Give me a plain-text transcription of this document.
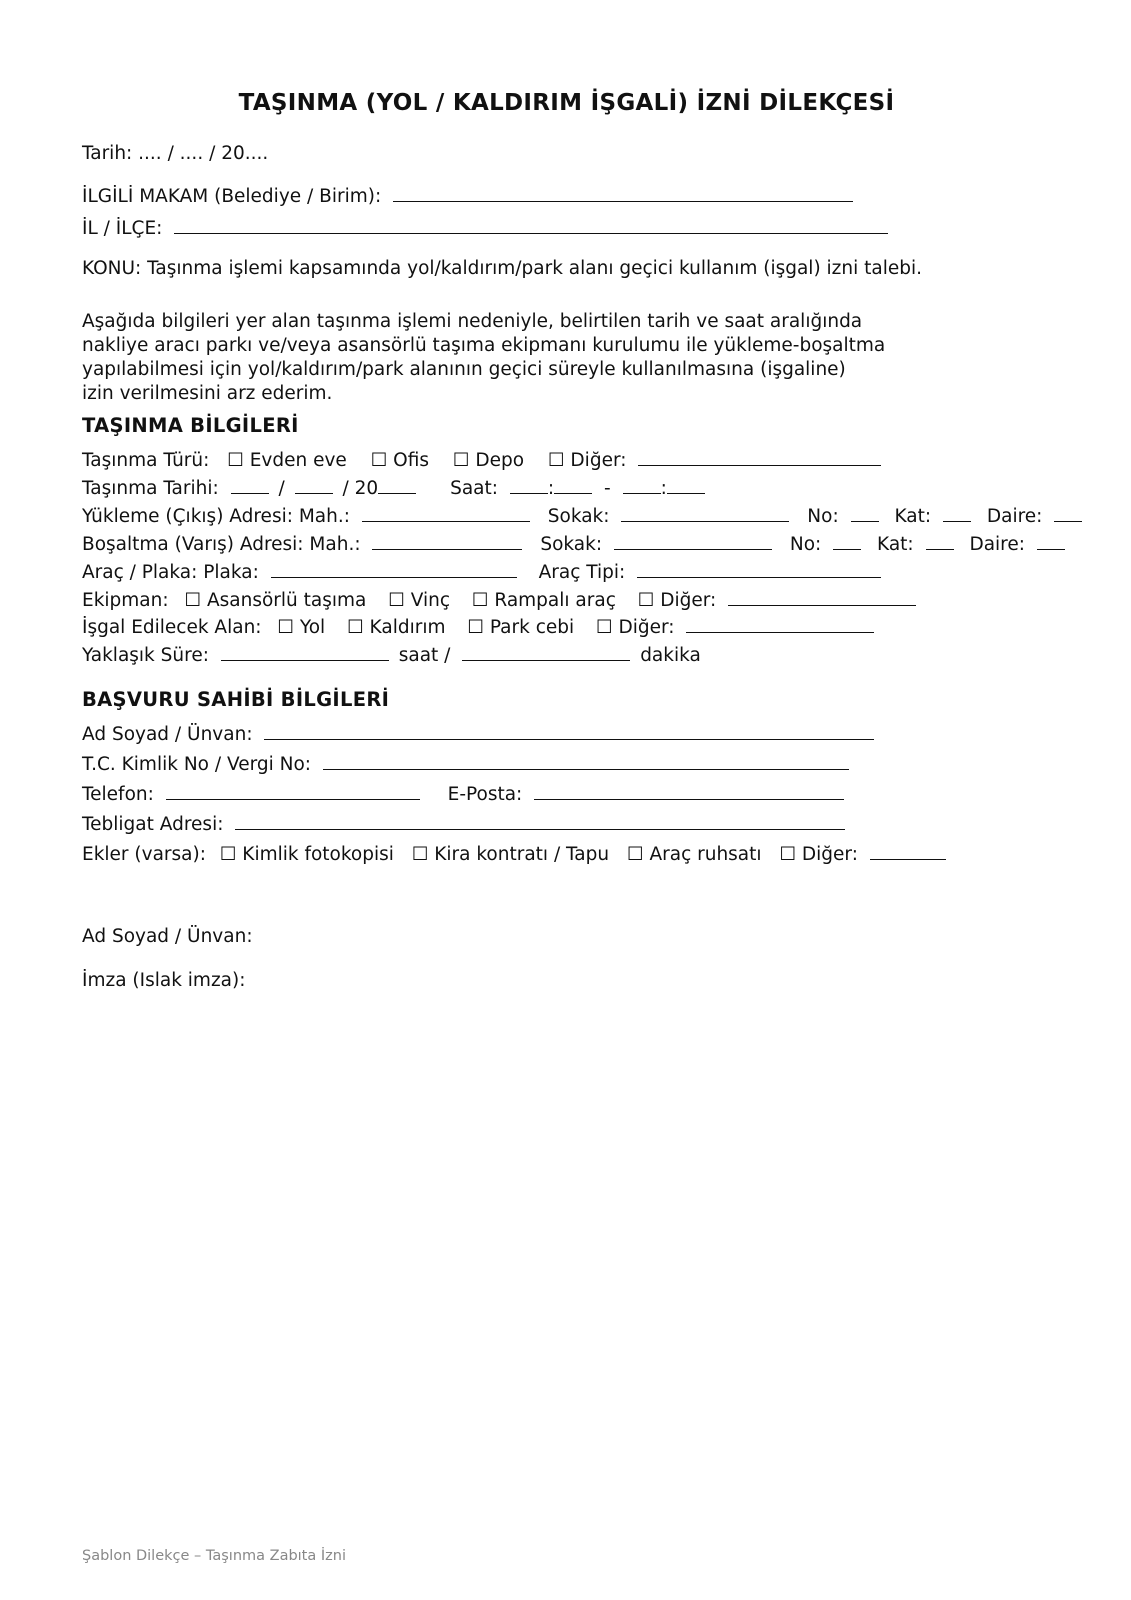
TAŞINMA (YOL / KALDIRIM İŞGALİ) İZNİ DİLEKÇESİ
Tarih: .... / .... / 20....
İLGİLİ MAKAM (Belediye / Birim):
İL / İLÇE:
KONU: Taşınma işlemi kapsamında yol/kaldırım/park alanı geçici kullanım (işgal) izni talebi.
Aşağıda bilgileri yer alan taşınma işlemi nedeniyle, belirtilen tarih ve saat aralığında
nakliye aracı parkı ve/veya asansörlü taşıma ekipmanı kurulumu ile yükleme-boşaltma
yapılabilmesi için yol/kaldırım/park alanının geçici süreyle kullanılmasına (işgaline)
izin verilmesini arz ederim.
TAŞINMA BİLGİLERİ
Taşınma Türü: ☐ Evden eve ☐ Ofis ☐ Depo ☐ Diğer:
Taşınma Tarihi:	/	/ 20	Saat:	:	-	:
Yükleme (Çıkış) Adresi: Mah.:	Sokak:	No:	Kat:	Daire:
Boşaltma (Varış) Adresi: Mah.:	Sokak:	No:	Kat:	Daire:
Araç / Plaka: Plaka:	Araç Tipi:
Ekipman: ☐ Asansörlü taşıma ☐ Vinç ☐ Rampalı araç ☐ Diğer:
İşgal Edilecek Alan: ☐ Yol ☐ Kaldırım ☐ Park cebi ☐ Diğer:
Yaklaşık Süre:	saat /	dakika
BAŞVURU SAHİBİ BİLGİLERİ
Ad Soyad / Ünvan:
T.C. Kimlik No / Vergi No:
Telefon:	E-Posta:
Tebligat Adresi:
Ekler (varsa): ☐ Kimlik fotokopisi ☐ Kira kontratı / Tapu ☐ Araç ruhsatı ☐ Diğer:
Ad Soyad / Ünvan:
İmza (Islak imza):
Şablon Dilekçe – Taşınma Zabıta İzni
